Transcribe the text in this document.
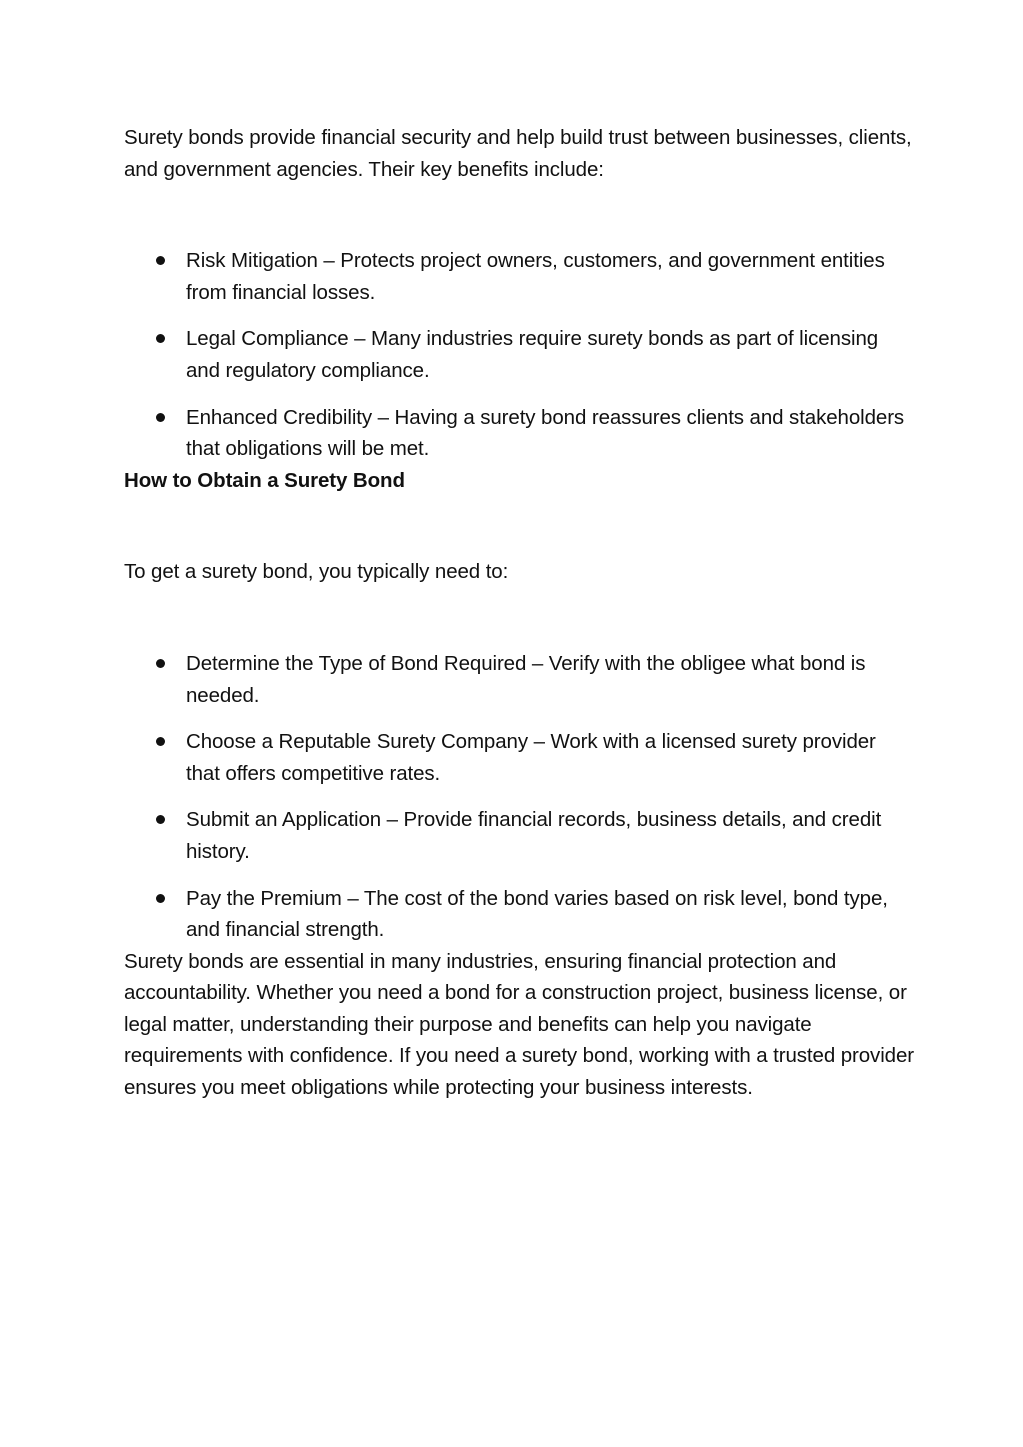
Surety bonds provide financial security and help build trust between businesses, clients, and government agencies. Their key benefits include:

Risk Mitigation – Protects project owners, customers, and government entities from financial losses.
Legal Compliance – Many industries require surety bonds as part of licensing and regulatory compliance.
Enhanced Credibility – Having a surety bond reassures clients and stakeholders that obligations will be met.

How to Obtain a Surety Bond

To get a surety bond, you typically need to:

Determine the Type of Bond Required – Verify with the obligee what bond is needed.
Choose a Reputable Surety Company – Work with a licensed surety provider that offers competitive rates.
Submit an Application – Provide financial records, business details, and credit history.
Pay the Premium – The cost of the bond varies based on risk level, bond type, and financial strength.

Surety bonds are essential in many industries, ensuring financial protection and accountability. Whether you need a bond for a construction project, business license, or legal matter, understanding their purpose and benefits can help you navigate requirements with confidence. If you need a surety bond, working with a trusted provider ensures you meet obligations while protecting your business interests.
